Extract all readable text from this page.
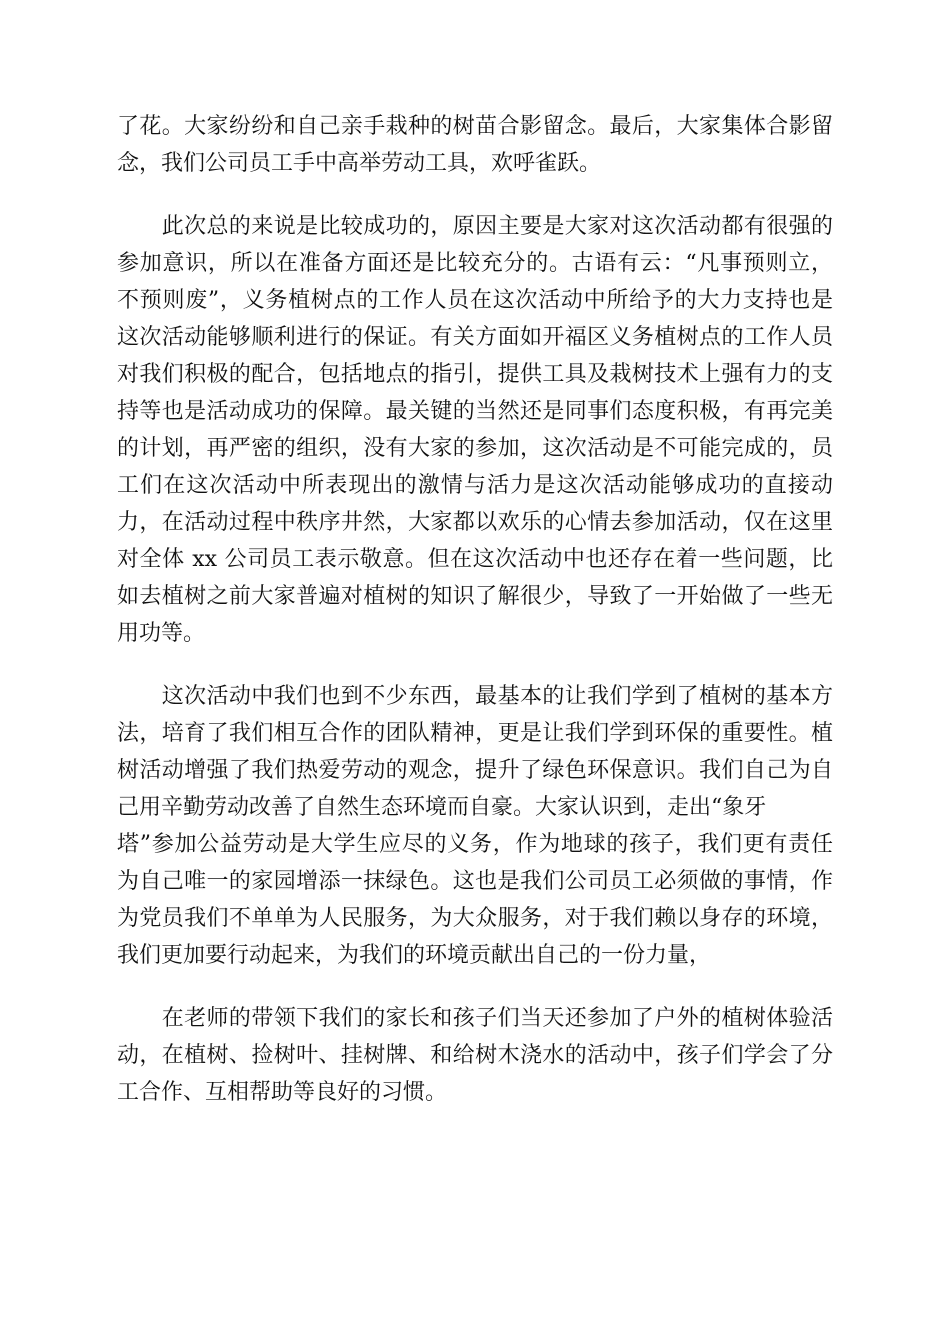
了花。大家纷纷和自己亲手栽种的树苗合影留念。最后，大家集体合影留
念，我们公司员工手中高举劳动工具，欢呼雀跃。
　　此次总的来说是比较成功的，原因主要是大家对这次活动都有很强的
参加意识，所以在准备方面还是比较充分的。古语有云：“凡事预则立，
不预则废”，义务植树点的工作人员在这次活动中所给予的大力支持也是
这次活动能够顺利进行的保证。有关方面如开福区义务植树点的工作人员
对我们积极的配合，包括地点的指引，提供工具及栽树技术上强有力的支
持等也是活动成功的保障。最关键的当然还是同事们态度积极，有再完美
的计划，再严密的组织，没有大家的参加，这次活动是不可能完成的，员
工们在这次活动中所表现出的激情与活力是这次活动能够成功的直接动
力，在活动过程中秩序井然，大家都以欢乐的心情去参加活动，仅在这里
对全体 xx 公司员工表示敬意。但在这次活动中也还存在着一些问题，比
如去植树之前大家普遍对植树的知识了解很少，导致了一开始做了一些无
用功等。
　　这次活动中我们也到不少东西，最基本的让我们学到了植树的基本方
法，培育了我们相互合作的团队精神，更是让我们学到环保的重要性。植
树活动增强了我们热爱劳动的观念，提升了绿色环保意识。我们自己为自
己用辛勤劳动改善了自然生态环境而自豪。大家认识到，走出“象牙
塔”参加公益劳动是大学生应尽的义务，作为地球的孩子，我们更有责任
为自己唯一的家园增添一抹绿色。这也是我们公司员工必须做的事情，作
为党员我们不单单为人民服务，为大众服务，对于我们赖以身存的环境，
我们更加要行动起来，为我们的环境贡献出自己的一份力量，
　　在老师的带领下我们的家长和孩子们当天还参加了户外的植树体验活
动，在植树、捡树叶、挂树牌、和给树木浇水的活动中，孩子们学会了分
工合作、互相帮助等良好的习惯。
